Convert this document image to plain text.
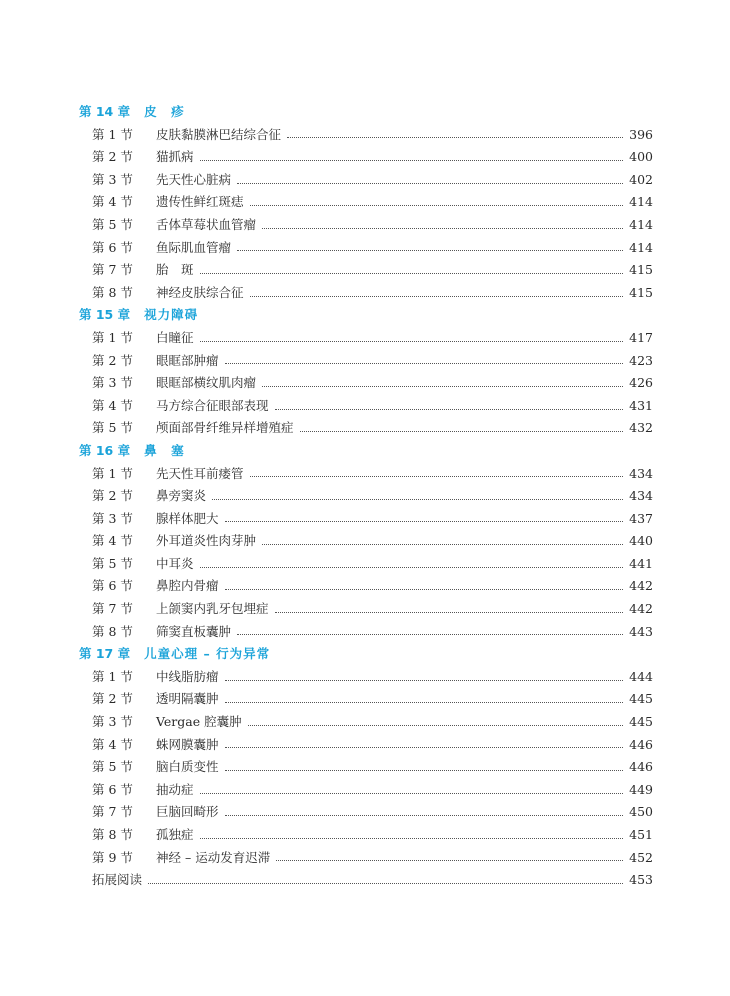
第 14 章 皮　疹
第 1 节	皮肤黏膜淋巴结综合征	396
第 2 节	猫抓病	400
第 3 节	先天性心脏病	402
第 4 节	遗传性鲜红斑痣	414
第 5 节	舌体草莓状血管瘤	414
第 6 节	鱼际肌血管瘤	414
第 7 节	胎　斑	415
第 8 节	神经皮肤综合征	415
第 15 章 视力障碍
第 1 节	白瞳征	417
第 2 节	眼眶部肿瘤	423
第 3 节	眼眶部横纹肌肉瘤	426
第 4 节	马方综合征眼部表现	431
第 5 节	颅面部骨纤维异样增殖症	432
第 16 章 鼻　塞
第 1 节	先天性耳前瘘管	434
第 2 节	鼻旁窦炎	434
第 3 节	腺样体肥大	437
第 4 节	外耳道炎性肉芽肿	440
第 5 节	中耳炎	441
第 6 节	鼻腔内骨瘤	442
第 7 节	上颌窦内乳牙包埋症	442
第 8 节	筛窦直板囊肿	443
第 17 章 儿童心理 – 行为异常
第 1 节	中线脂肪瘤	444
第 2 节	透明隔囊肿	445
第 3 节	Vergae 腔囊肿	445
第 4 节	蛛网膜囊肿	446
第 5 节	脑白质变性	446
第 6 节	抽动症	449
第 7 节	巨脑回畸形	450
第 8 节	孤独症	451
第 9 节	神经 – 运动发育迟滞	452
拓展阅读	453
